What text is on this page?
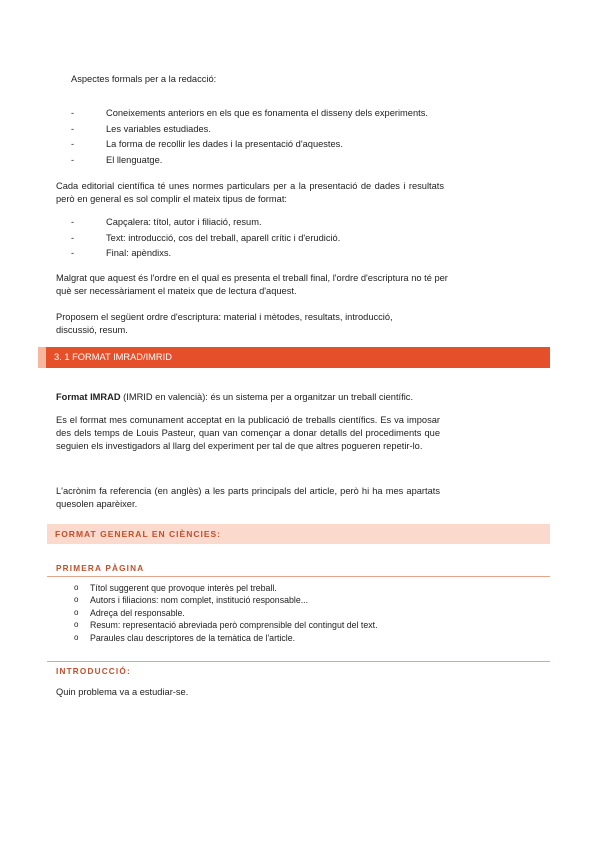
Aspectes formals per a la redacció:

- Coneixements anteriors en els que es fonamenta el disseny dels experiments.
- Les variables estudiades.
- La forma de recollir les dades i la presentació d'aquestes.
- El llenguatge.

Cada editorial científica té unes normes particulars per a la presentació de dades i resultats però en general es sol complir el mateix tipus de format:

- Capçalera: títol, autor i filiació, resum.
- Text: introducció, cos del treball, aparell crític i d'erudició.
- Final: apèndixs.

Malgrat que aquest és l'ordre en el qual es presenta el treball final, l'ordre d'escriptura no té per què ser necessàriament el mateix que de lectura d'aquest.

Proposem el següent ordre d'escriptura: material i mètodes, resultats, introducció, discussió, resum.

3. 1 FORMAT IMRAD/IMRID

Format IMRAD (IMRID en valencià): és un sistema per a organitzar un treball científic.

Es el format mes comunament acceptat en la publicació de treballs científics. Es va imposar des dels temps de Louis Pasteur, quan van començar a donar detalls del procediments que seguien els investigadors al llarg del experiment per tal de que altres pogueren repetir-lo.

L'acrònim fa referencia (en anglès) a les parts principals del article, però hi ha mes apartats quesolen aparèixer.

FORMAT GENERAL EN CIÈNCIES:
PRIMERA PÀGINA
o Títol suggerent que provoque interès pel treball.
o Autors i filiacions: nom complet, institució responsable...
o Adreça del responsable.
o Resum: representació abreviada però comprensible del contingut del text.
o Paraules clau descriptores de la temàtica de l'article.
INTRODUCCIÓ:

Quin problema va a estudiar-se.
